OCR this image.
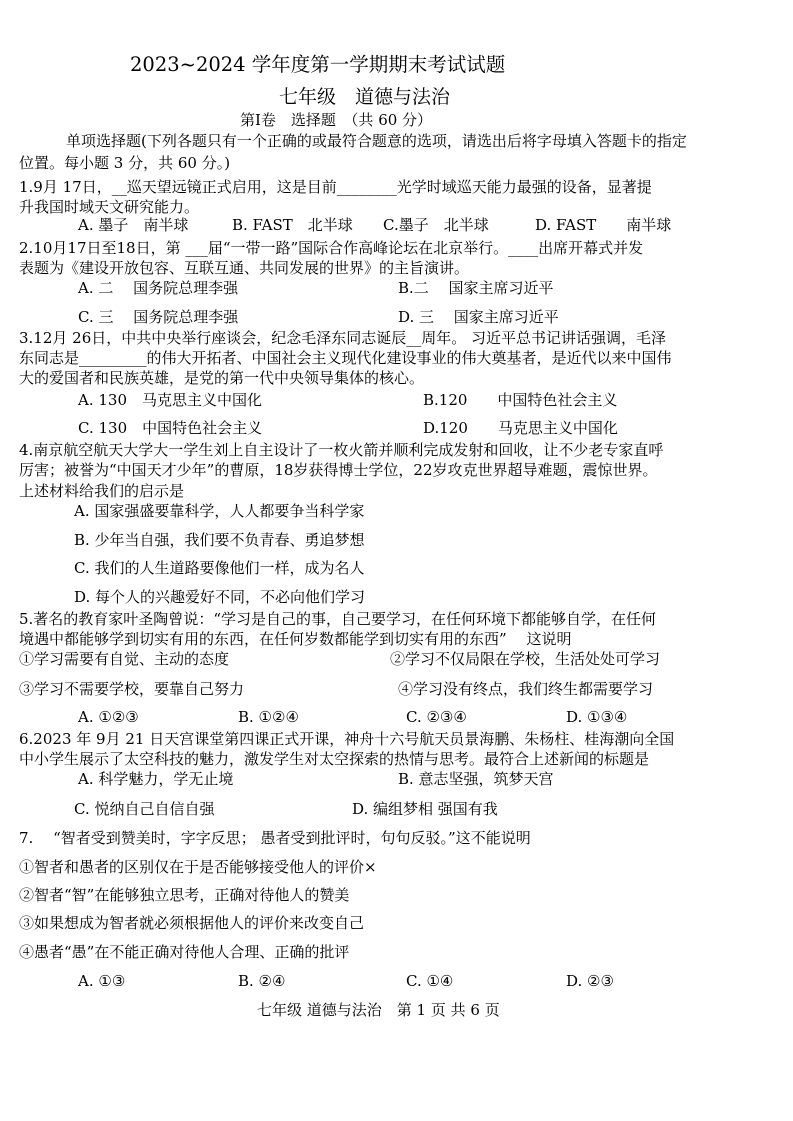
2023~2024 学年度第一学期期末考试试题
七年级　道德与法治
第Ⅰ卷　选择题　（共 60 分）
单项选择题(下列各题只有一个正确的或最符合题意的选项，请选出后将字母填入答题卡的指定
位置。每小题 3 分，共 60 分。)
1.9月 17日，__巡天望远镜正式启用，这是目前________光学时域巡天能力最强的设备，显著提
升我国时域天文研究能力。
A. 墨子　南半球	B. FAST　北半球 C.墨子　北半球	D. FAST　　南半球
2.10月17日至18日，第 ___届“一带一路”国际合作高峰论坛在北京举行。____出席开幕式并发
表题为《建设开放包容、互联互通、共同发展的世界》的主旨演讲。
A. 二　 国务院总理李强	B.二　 国家主席习近平
C. 三　 国务院总理李强	D. 三　 国家主席习近平
3.12月 26日，中共中央举行座谈会，纪念毛泽东同志诞辰__周年。 习近平总书记讲话强调，毛泽
东同志是_________的伟大开拓者、中国社会主义现代化建设事业的伟大奠基者，是近代以来中国伟
大的爱国者和民族英雄，是党的第一代中央领导集体的核心。
A. 130　马克思主义中国化	B.120　　中国特色社会主义
C. 130　中国特色社会主义	D.120　　马克思主义中国化
4.南京航空航天大学大一学生刘上自主设计了一枚火箭并顺利完成发射和回收，让不少老专家直呼
厉害；被誉为“中国天才少年”的曹原，18岁获得博士学位，22岁攻克世界超导难题，震惊世界。
上述材料给我们的启示是
A. 国家强盛要靠科学，人人都要争当科学家
B. 少年当自强，我们要不负青春、勇追梦想
C. 我们的人生道路要像他们一样，成为名人
D. 每个人的兴趣爱好不同，不必向他们学习
5.著名的教育家叶圣陶曾说：“学习是自己的事，自己要学习，在任何环境下都能够自学，在任何
境遇中都能够学到切实有用的东西，在任何岁数都能学到切实有用的东西”　 这说明
①学习需要有自觉、主动的态度	②学习不仅局限在学校，生活处处可学习
③学习不需要学校，要靠自己努力	④学习没有终点，我们终生都需要学习
A. ①②③	B. ①②④	C. ②③④	D. ①③④
6.2023 年 9月 21 日天宫课堂第四课正式开课，神舟十六号航天员景海鹏、朱杨柱、桂海潮向全国
中小学生展示了太空科技的魅力，激发学生对太空探索的热情与思考。最符合上述新闻的标题是
A. 科学魅力，学无止境	B. 意志坚强，筑梦天宫
C. 悦纳自己自信自强	D. 编组梦相 强国有我
7.　 “智者受到赞美时，字字反思； 愚者受到批评时，句句反驳。”这不能说明
①智者和愚者的区别仅在于是否能够接受他人的评价×
②智者“智”在能够独立思考，正确对待他人的赞美
③如果想成为智者就必须根据他人的评价来改变自己
④愚者“愚”在不能正确对待他人合理、正确的批评
A. ①③	B. ②④	C. ①④	D. ②③
七年级 道德与法治　第 1 页 共 6 页
